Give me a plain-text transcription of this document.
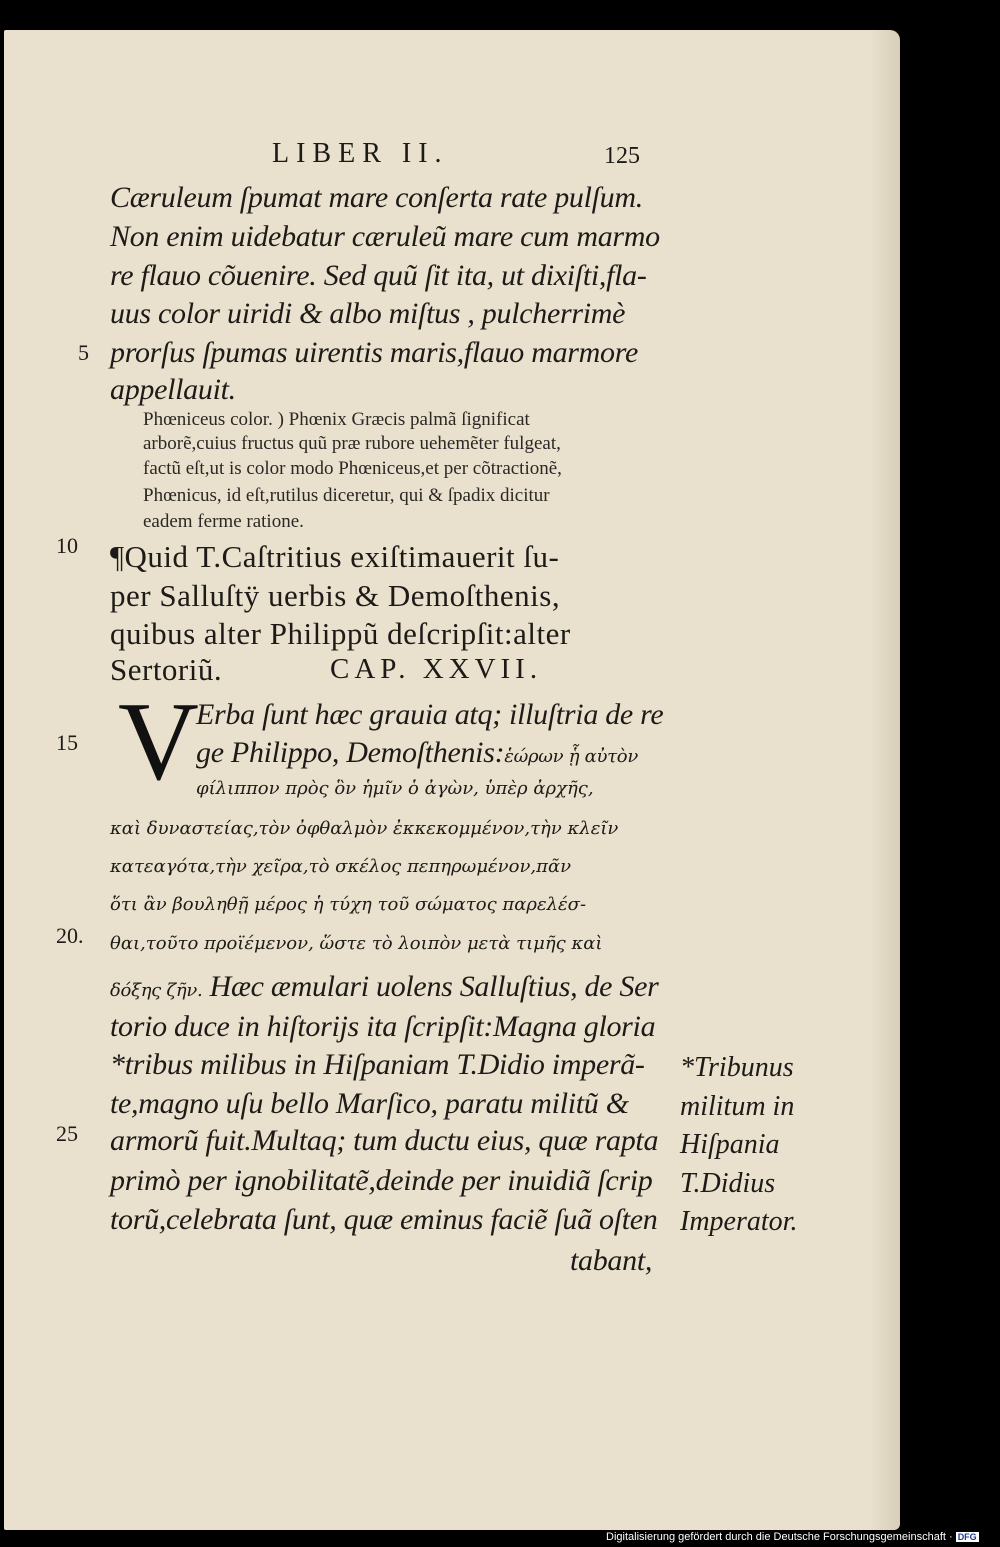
LIBER II.	125

Cæruleum ſpumat mare conſerta rate pulſum.

Non enim uidebatur cæruleũ mare cum marmo

re flauo cõuenire. Sed quũ ſit ita, ut dixiſti,fla-

uus color uiridi & albo miſtus , pulcherrimè

prorſus ſpumas uirentis maris,flauo marmore

appellauit.

Phœniceus color. ) Phœnix Græcis palmã ſignificat

arborẽ,cuius fructus quũ præ rubore uehemẽter fulgeat,

factũ eſt,ut is color modo Phœniceus,et per cõtractionẽ,

Phœnicus, id eſt,rutilus diceretur, qui & ſpadix dicitur

eadem ferme ratione.

¶Quid T.Caſtritius exiſtimauerit ſu-

per Salluſtÿ uerbis & Demoſthenis,

quibus alter Philippũ deſcripſit:alter

Sertoriũ.	CAP. XXVII.

V

Erba ſunt hæc grauia atq; illuſtria de re

ge Philippo, Demoſthenis:ἑώρων ᾗ αὐτὸν

φίλιππον πρὸς ὃν ἡμῖν ὁ ἀγὼν, ὑπὲρ ἀρχῆς,

καὶ δυναστείας,τὸν ὀφθαλμὸν ἐκκεκομμένον,τὴν κλεῖν

κατεαγότα,τὴν χεῖρα,τὸ σκέλος πεπηρωμένον,πᾶν

ὅτι ἂν βουληθῇ μέρος ἡ τύχη τοῦ σώματος παρελέσ-

θαι,τοῦτο προϊέμενον, ὥστε τὸ λοιπὸν μετὰ τιμῆς καὶ

δόξης ζῆν. Hæc æmulari uolens Salluſtius, de Ser

torio duce in hiſtorijs ita ſcripſit:Magna gloria

*tribus milibus in Hiſpaniam T.Didio imperã-

te,magno uſu bello Marſico, paratu militũ &

armorũ fuit.Multaq; tum ductu eius, quæ rapta

primò per ignobilitatẽ,deinde per inuidiã ſcrip

torũ,celebrata ſunt, quæ eminus faciẽ ſuã oſten

tabant,

5
10
15
20.
25

*Tribunus

militum in

Hiſpania

T.Didius

Imperator.

Digitalisierung gefördert durch die Deutsche Forschungsgemeinschaft · DFG
